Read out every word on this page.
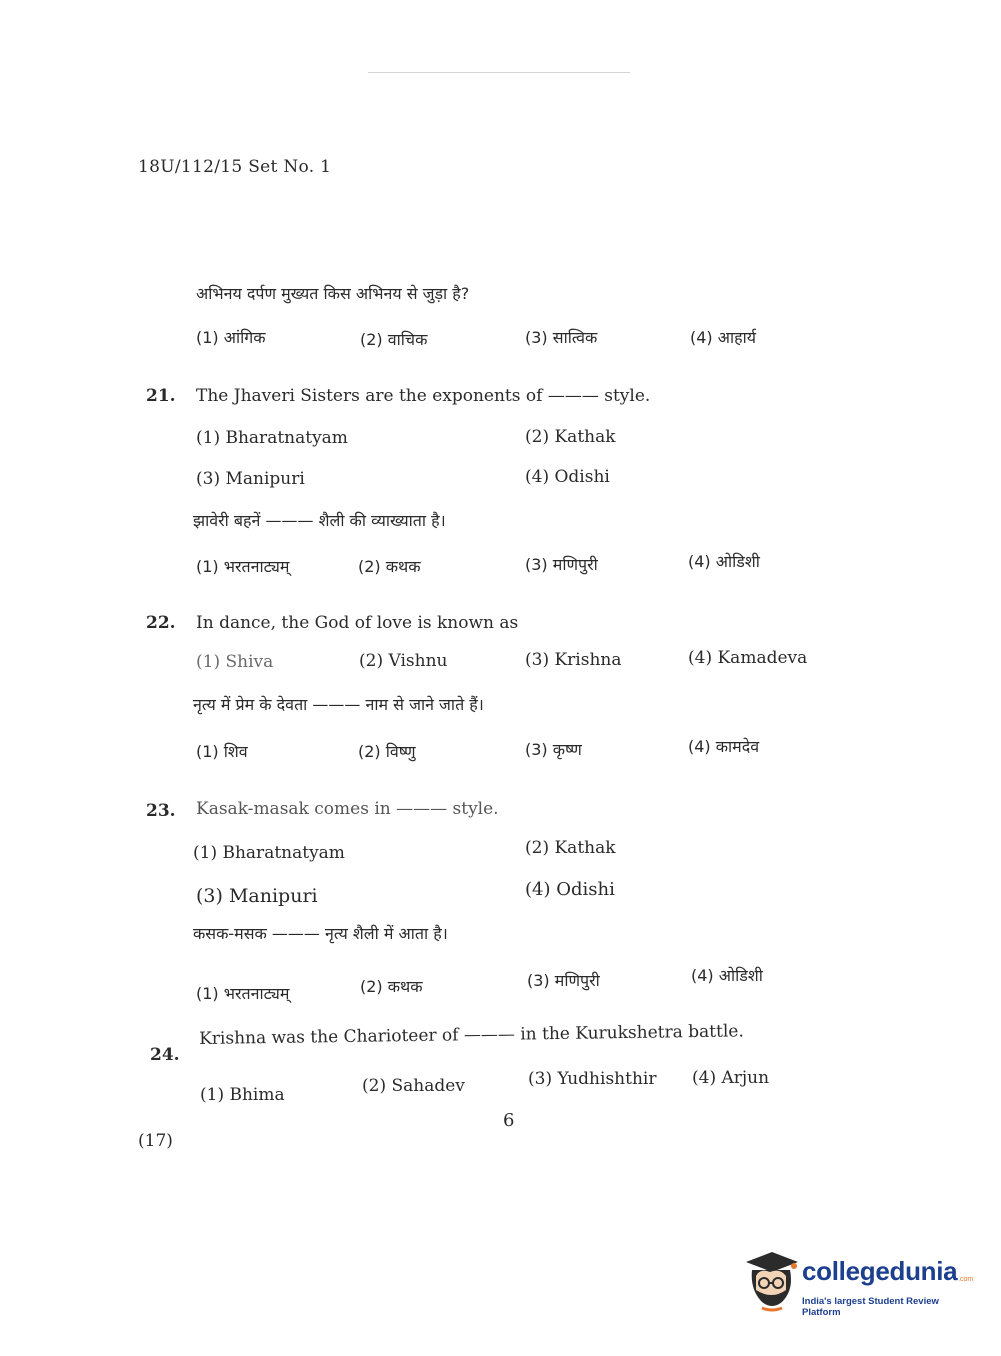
18U/112/15 Set No. 1
अभिनय दर्पण मुख्यत किस अभिनय से जुड़ा है?
(1) आंगिक	(2) वाचिक	(3) सात्विक	(4) आहार्य
21. The Jhaveri Sisters are the exponents of ——— style.
(1) Bharatnatyam	(2) Kathak
(3) Manipuri	(4) Odishi
झावेरी बहनें ——— शैली की व्याख्याता है।
(1) भरतनाट्यम्	(2) कथक	(3) मणिपुरी	(4) ओडिशी
22. In dance, the God of love is known as
(1) Shiva	(2) Vishnu	(3) Krishna	(4) Kamadeva
नृत्य में प्रेम के देवता ——— नाम से जाने जाते हैं।
(1) शिव	(2) विष्णु	(3) कृष्ण	(4) कामदेव
23. Kasak-masak comes in ——— style.
(1) Bharatnatyam	(2) Kathak
(3) Manipuri	(4) Odishi
कसक-मसक ——— नृत्य शैली में आता है।
(1) भरतनाट्यम्	(2) कथक	(3) मणिपुरी	(4) ओडिशी
24.
Krishna was the Charioteer of ——— in the Kurukshetra battle.
(1) Bhima	(2) Sahadev	(3) Yudhishthir (4) Arjun
6
(17)
collegedunia .com
India's largest Student Review Platform
